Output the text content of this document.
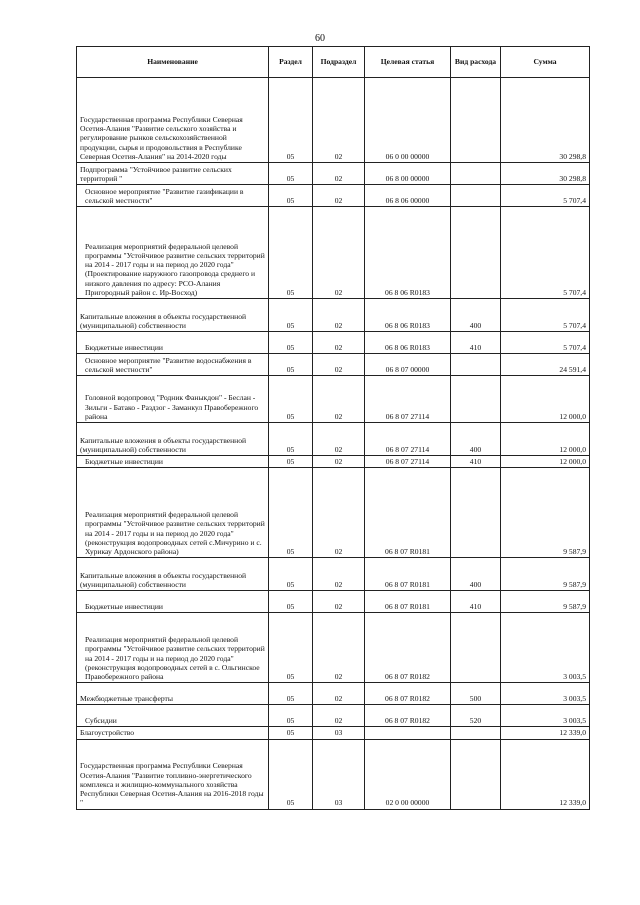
60
Наименование	Раздел	Подраздел	Целевая статья	Вид расхода	Сумма
Государственная программа Республики Северная Осетия-Алания "Развитие сельского хозяйства и регулирование рынков сельскохозяйственной продукции, сырья и продовольствия в Республике Северная Осетия-Алания" на 2014-2020 годы	05	02	06 0 00 00000		30 298,8
Подпрограмма "Устойчивое развитие сельских территорий "	05	02	06 8 00 00000		30 298,8
Основное мероприятие "Развитие газификации в сельской местности"	05	02	06 8 06 00000		5 707,4
Реализация мероприятий федеральной целевой программы "Устойчивое развитие сельских территорий на 2014 - 2017 годы и на период до 2020 года" (Проектирование наружного газопровода среднего и низкого давления по адресу: РСО-Алания Пригородный район с. Ир-Восход)	05	02	06 8 06 R0183		5 707,4
Капитальные вложения в объекты государственной (муниципальной) собственности	05	02	06 8 06 R0183	400	5 707,4
Бюджетные инвестиции	05	02	06 8 06 R0183	410	5 707,4
Основное мероприятие "Развитие водоснабжения в сельской местности"	05	02	06 8 07 00000		24 591,4
Головной водопровод "Родник Фаныкдон" - Беслан - Зильги - Батако - Раздзог - Заманкул Правобережного района	05	02	06 8 07 27114		12 000,0
Капитальные вложения в объекты государственной (муниципальной) собственности	05	02	06 8 07 27114	400	12 000,0
Бюджетные инвестиции	05	02	06 8 07 27114	410	12 000,0
Реализация мероприятий федеральной целевой программы "Устойчивое развитие сельских территорий на 2014 - 2017 годы и на период до 2020 года" (реконструкция водопроводных сетей с.Мичурино и с. Хурикау Ардонского района)	05	02	06 8 07 R0181		9 587,9
Капитальные вложения в объекты государственной (муниципальной) собственности	05	02	06 8 07 R0181	400	9 587,9
Бюджетные инвестиции	05	02	06 8 07 R0181	410	9 587,9
Реализация мероприятий федеральной целевой программы "Устойчивое развитие сельских территорий на 2014 - 2017 годы и на период до 2020 года" (реконструкция водопроводных сетей в с. Ольгинское Правобережного района	05	02	06 8 07 R0182		3 003,5
Межбюджетные трансферты	05	02	06 8 07 R0182	500	3 003,5
Субсидии	05	02	06 8 07 R0182	520	3 003,5
Благоустройство	05	03			12 339,0
Государственная программа Республики Северная Осетия-Алания "Развитие топливно-энергетического комплекса и жилищно-коммунального хозяйства Республики Северная Осетия-Алания на 2016-2018 годы "	05	03	02 0 00 00000		12 339,0
